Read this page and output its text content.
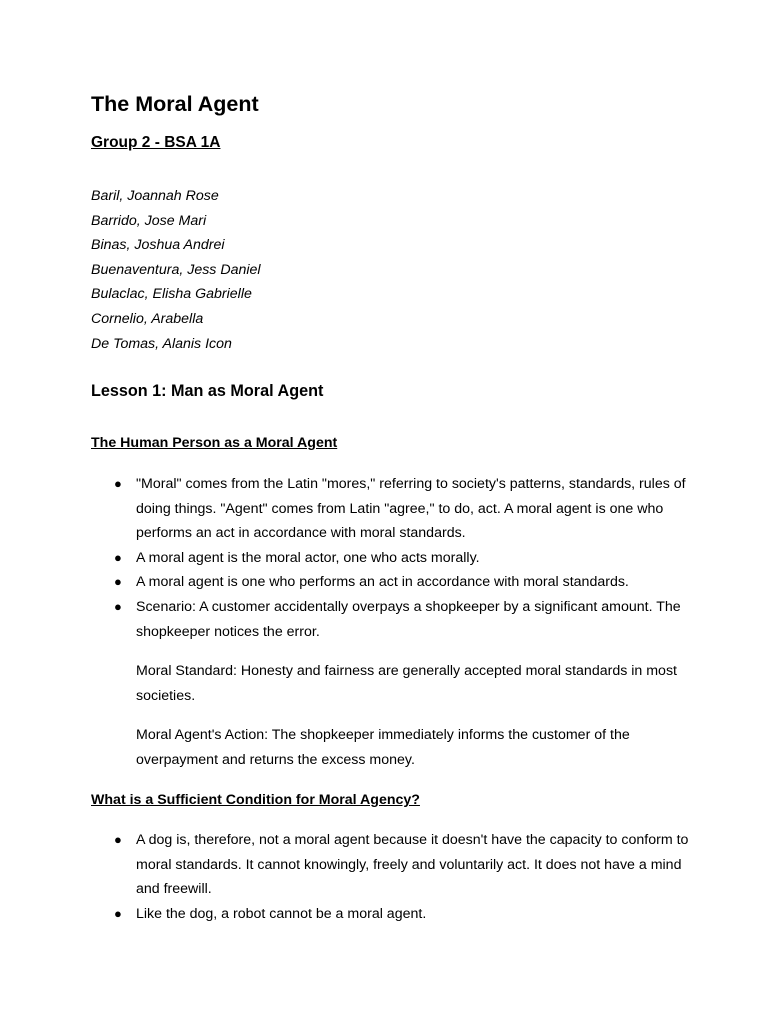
The Moral Agent
Group 2 - BSA 1A
Baril, Joannah Rose
Barrido, Jose Mari
Binas, Joshua Andrei
Buenaventura, Jess Daniel
Bulaclac, Elisha Gabrielle
Cornelio, Arabella
De Tomas, Alanis Icon
Lesson 1: Man as Moral Agent
The Human Person as a Moral Agent
● "Moral" comes from the Latin "mores," referring to society's patterns, standards, rules of doing things. "Agent" comes from Latin "agree," to do, act. A moral agent is one who performs an act in accordance with moral standards.
● A moral agent is the moral actor, one who acts morally.
● A moral agent is one who performs an act in accordance with moral standards.
● Scenario: A customer accidentally overpays a shopkeeper by a significant amount. The shopkeeper notices the error.

Moral Standard: Honesty and fairness are generally accepted moral standards in most societies.

Moral Agent's Action: The shopkeeper immediately informs the customer of the overpayment and returns the excess money.

What is a Sufficient Condition for Moral Agency?
● A dog is, therefore, not a moral agent because it doesn't have the capacity to conform to moral standards. It cannot knowingly, freely and voluntarily act. It does not have a mind and freewill.
● Like the dog, a robot cannot be a moral agent.
